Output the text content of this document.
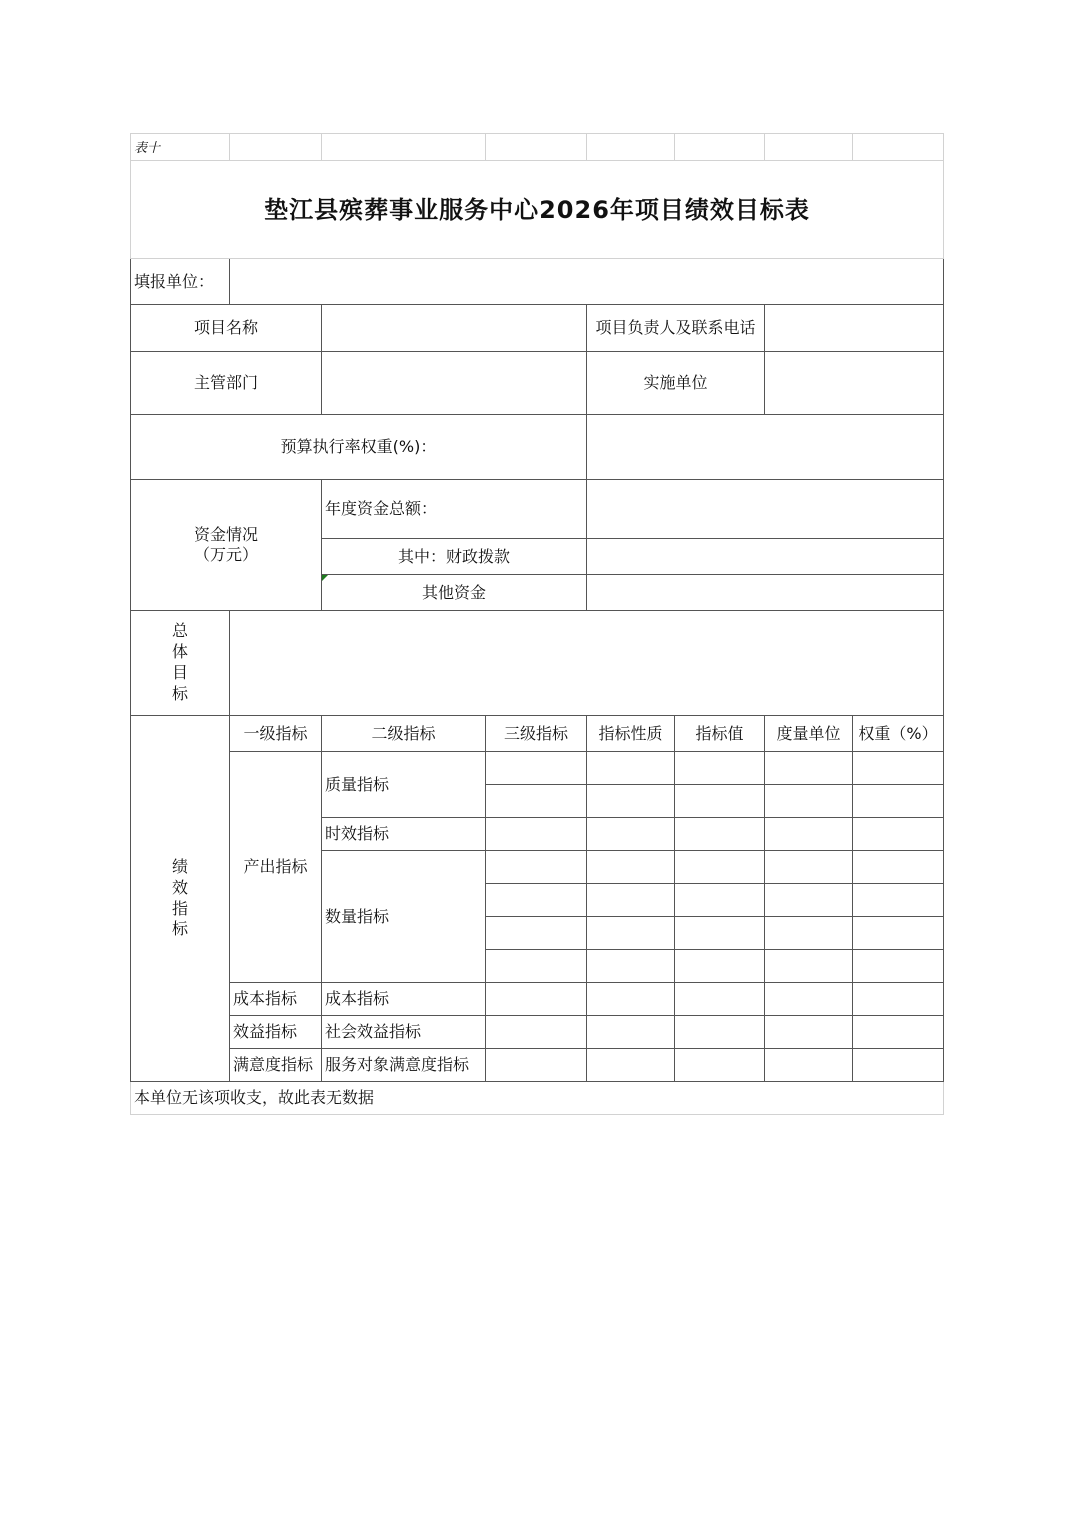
表十							
垫江县殡葬事业服务中心2026年项目绩效目标表							
填报单位：							
项目名称				项目负责人及联系电话			
主管部门				实施单位			
预算执行率权重(%)：							

资金情况
（万元）		年度资金总额：					
		其中：财政拨款					
		其他资金					
总体目标							
绩效指标	一级指标	二级指标	三级指标	指标性质	指标值	度量单位	权重（%）
	产出指标	质量指标					

		时效指标					
		数量指标					

	成本指标	成本指标					
	效益指标	社会效益指标					
	满意度指标	服务对象满意度指标					
本单位无该项收支，故此表无数据							
